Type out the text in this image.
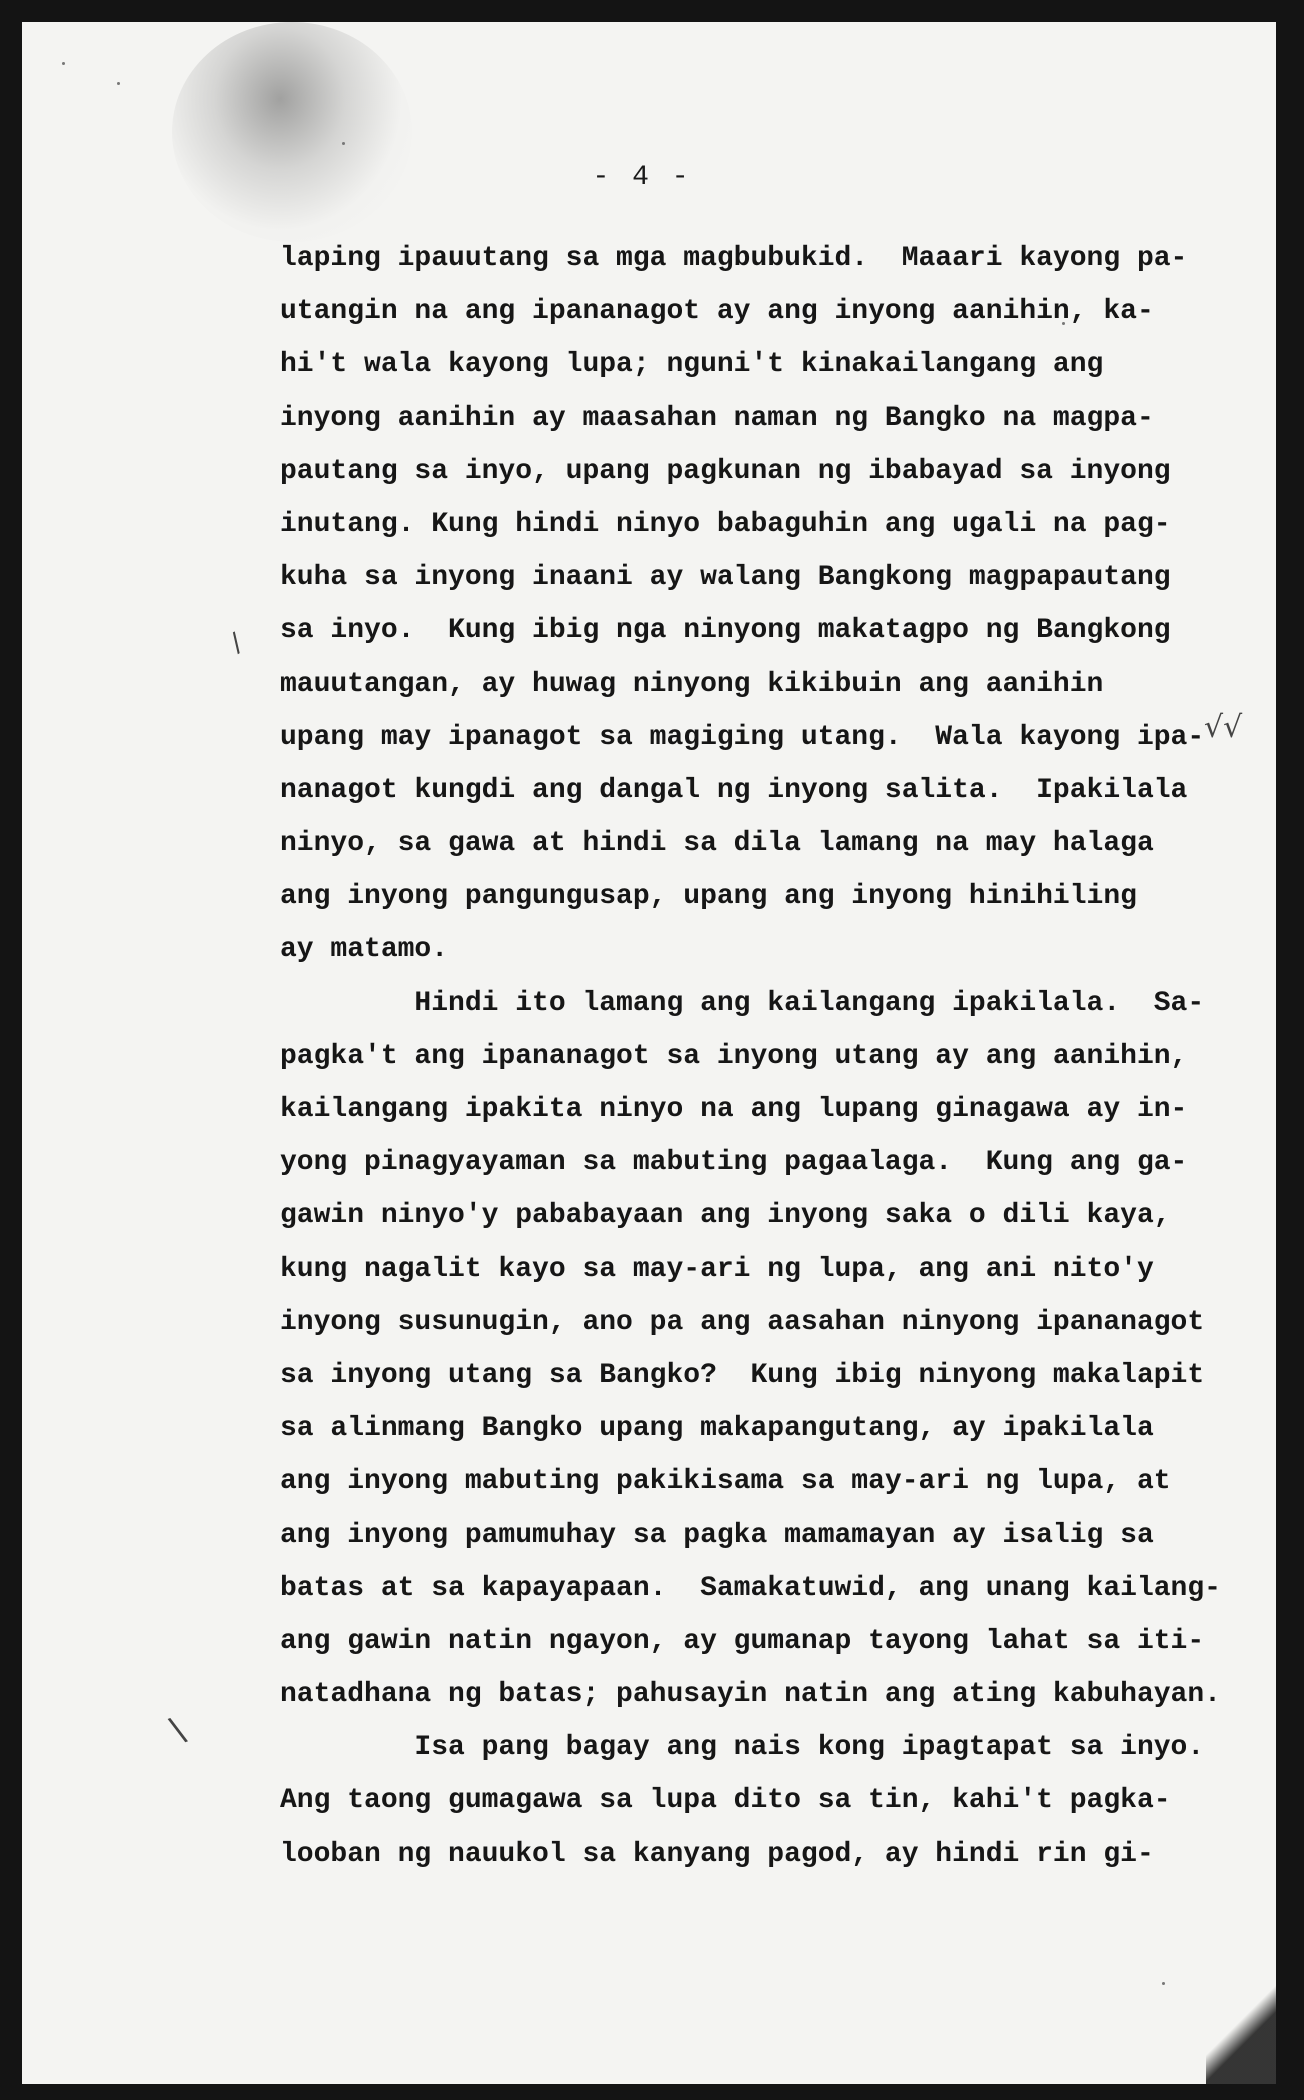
- 4 -
laping ipauutang sa mga magbubukid.  Maaari kayong pa-
utangin na ang ipananagot ay ang inyong aanihin, ka-
hi't wala kayong lupa; nguni't kinakailangang ang
inyong aanihin ay maasahan naman ng Bangko na magpa-
pautang sa inyo, upang pagkunan ng ibabayad sa inyong
inutang. Kung hindi ninyo babaguhin ang ugali na pag-
kuha sa inyong inaani ay walang Bangkong magpapautang
sa inyo.  Kung ibig nga ninyong makatagpo ng Bangkong
mauutangan, ay huwag ninyong kikibuin ang aanihin
upang may ipanagot sa magiging utang.  Wala kayong ipa-
nanagot kungdi ang dangal ng inyong salita.  Ipakilala
ninyo, sa gawa at hindi sa dila lamang na may halaga
ang inyong pangungusap, upang ang inyong hinihiling
ay matamo.
Hindi ito lamang ang kailangang ipakilala.  Sa-
pagka't ang ipananagot sa inyong utang ay ang aanihin,
kailangang ipakita ninyo na ang lupang ginagawa ay in-
yong pinagyayaman sa mabuting pagaalaga.  Kung ang ga-
gawin ninyo'y pababayaan ang inyong saka o dili kaya,
kung nagalit kayo sa may-ari ng lupa, ang ani nito'y
inyong susunugin, ano pa ang aasahan ninyong ipananagot
sa inyong utang sa Bangko?  Kung ibig ninyong makalapit
sa alinmang Bangko upang makapangutang, ay ipakilala
ang inyong mabuting pakikisama sa may-ari ng lupa, at
ang inyong pamumuhay sa pagka mamamayan ay isalig sa
batas at sa kapayapaan.  Samakatuwid, ang unang kailang-
ang gawin natin ngayon, ay gumanap tayong lahat sa iti-
natadhana ng batas; pahusayin natin ang ating kabuhayan.
Isa pang bagay ang nais kong ipagtapat sa inyo.
Ang taong gumagawa sa lupa dito sa tin, kahi't pagka-
looban ng nauukol sa kanyang pagod, ay hindi rin gi-
/
√√
\
